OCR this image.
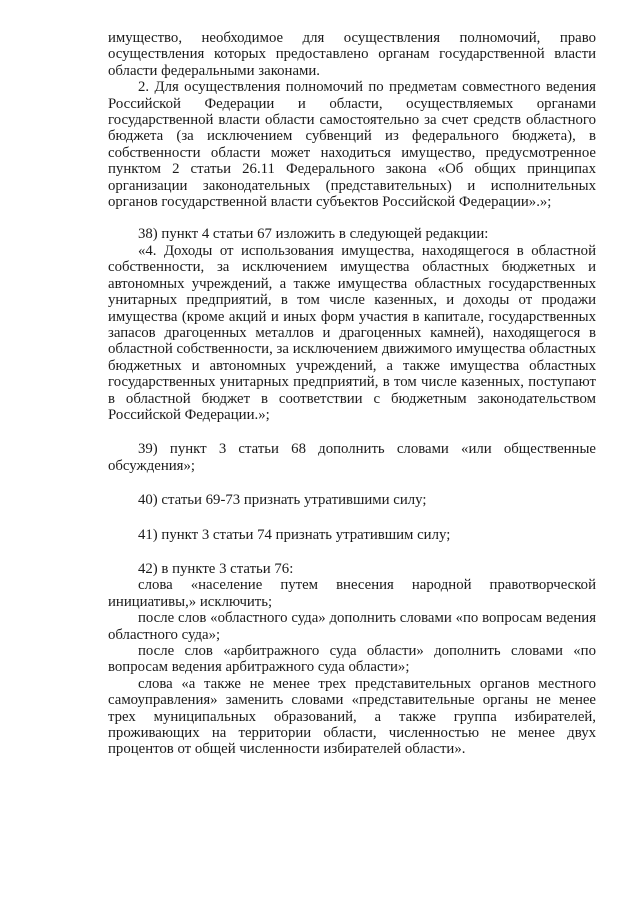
имущество, необходимое для осуществления полномочий, право осуществления которых предоставлено органам государственной власти области федеральными законами.

2. Для осуществления полномочий по предметам совместного ведения Российской Федерации и области, осуществляемых органами государственной власти области самостоятельно за счет средств областного бюджета (за исключением субвенций из федерального бюджета), в собственности области может находиться имущество, предусмотренное пунктом 2 статьи 26.11 Федерального закона «Об общих принципах организации законодательных (представительных) и исполнительных органов государственной власти субъектов Российской Федерации».»;

38) пункт 4 статьи 67 изложить в следующей редакции:

«4. Доходы от использования имущества, находящегося в областной собственности, за исключением имущества областных бюджетных и автономных учреждений, а также имущества областных государственных унитарных предприятий, в том числе казенных, и доходы от продажи имущества (кроме акций и иных форм участия в капитале, государственных запасов драгоценных металлов и драгоценных камней), находящегося в областной собственности, за исключением движимого имущества областных бюджетных и автономных учреждений, а также имущества областных государственных унитарных предприятий, в том числе казенных, поступают в областной бюджет в соответствии с бюджетным законодательством Российской Федерации.»;

39) пункт 3 статьи 68 дополнить словами «или общественные обсуждения»;

40) статьи 69-73 признать утратившими силу;

41) пункт 3 статьи 74 признать утратившим силу;

42) в пункте 3 статьи 76:

слова «население путем внесения народной правотворческой инициативы,» исключить;

после слов «областного суда» дополнить словами «по вопросам ведения областного суда»;

после слов «арбитражного суда области» дополнить словами «по вопросам ведения арбитражного суда области»;

слова «а также не менее трех представительных органов местного самоуправления» заменить словами «представительные органы не менее трех муниципальных образований, а также группа избирателей, проживающих на территории области, численностью не менее двух процентов от общей численности избирателей области».
